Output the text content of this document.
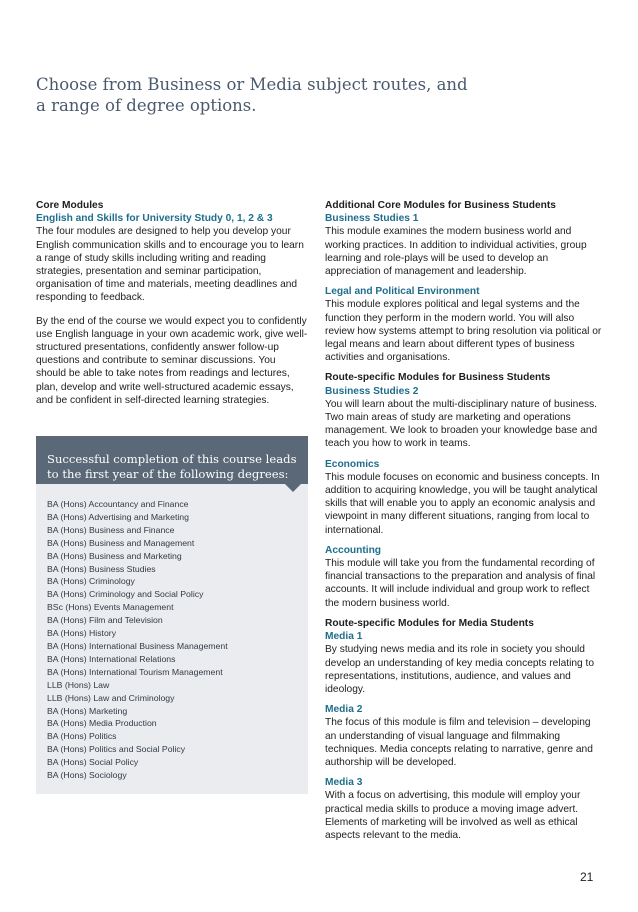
Choose from Business or Media subject routes, and a range of degree options.
Core Modules
English and Skills for University Study 0, 1, 2 & 3

The four modules are designed to help you develop your English communication skills and to encourage you to learn a range of study skills including writing and reading strategies, presentation and seminar participation, organisation of time and materials, meeting deadlines and responding to feedback.

By the end of the course we would expect you to confidently use English language in your own academic work, give well-structured presentations, confidently answer follow-up questions and contribute to seminar discussions. You should be able to take notes from readings and lectures, plan, develop and write well-structured academic essays, and be confident in self-directed learning strategies.

Successful completion of this course leads to the first year of the following degrees:
BA (Hons) Accountancy and Finance
BA (Hons) Advertising and Marketing
BA (Hons) Business and Finance
BA (Hons) Business and Management
BA (Hons) Business and Marketing
BA (Hons) Business Studies
BA (Hons) Criminology
BA (Hons) Criminology and Social Policy
BSc (Hons) Events Management
BA (Hons) Film and Television
BA (Hons) History
BA (Hons) International Business Management
BA (Hons) International Relations
BA (Hons) International Tourism Management
LLB (Hons) Law
LLB (Hons) Law and Criminology
BA (Hons) Marketing
BA (Hons) Media Production
BA (Hons) Politics
BA (Hons) Politics and Social Policy
BA (Hons) Social Policy
BA (Hons) Sociology
Additional Core Modules for Business Students
Business Studies 1

This module examines the modern business world and working practices. In addition to individual activities, group learning and role-plays will be used to develop an appreciation of management and leadership.

Legal and Political Environment

This module explores political and legal systems and the function they perform in the modern world. You will also review how systems attempt to bring resolution via political or legal means and learn about different types of business activities and organisations.

Route-specific Modules for Business Students
Business Studies 2

You will learn about the multi-disciplinary nature of business. Two main areas of study are marketing and operations management. We look to broaden your knowledge base and teach you how to work in teams.

Economics

This module focuses on economic and business concepts. In addition to acquiring knowledge, you will be taught analytical skills that will enable you to apply an economic analysis and viewpoint in many different situations, ranging from local to international.

Accounting

This module will take you from the fundamental recording of financial transactions to the preparation and analysis of final accounts. It will include individual and group work to reflect the modern business world.

Route-specific Modules for Media Students
Media 1

By studying news media and its role in society you should develop an understanding of key media concepts relating to representations, institutions, audience, and values and ideology.

Media 2

The focus of this module is film and television – developing an understanding of visual language and filmmaking techniques. Media concepts relating to narrative, genre and authorship will be developed.

Media 3

With a focus on advertising, this module will employ your practical media skills to produce a moving image advert. Elements of marketing will be involved as well as ethical aspects relevant to the media.

21
